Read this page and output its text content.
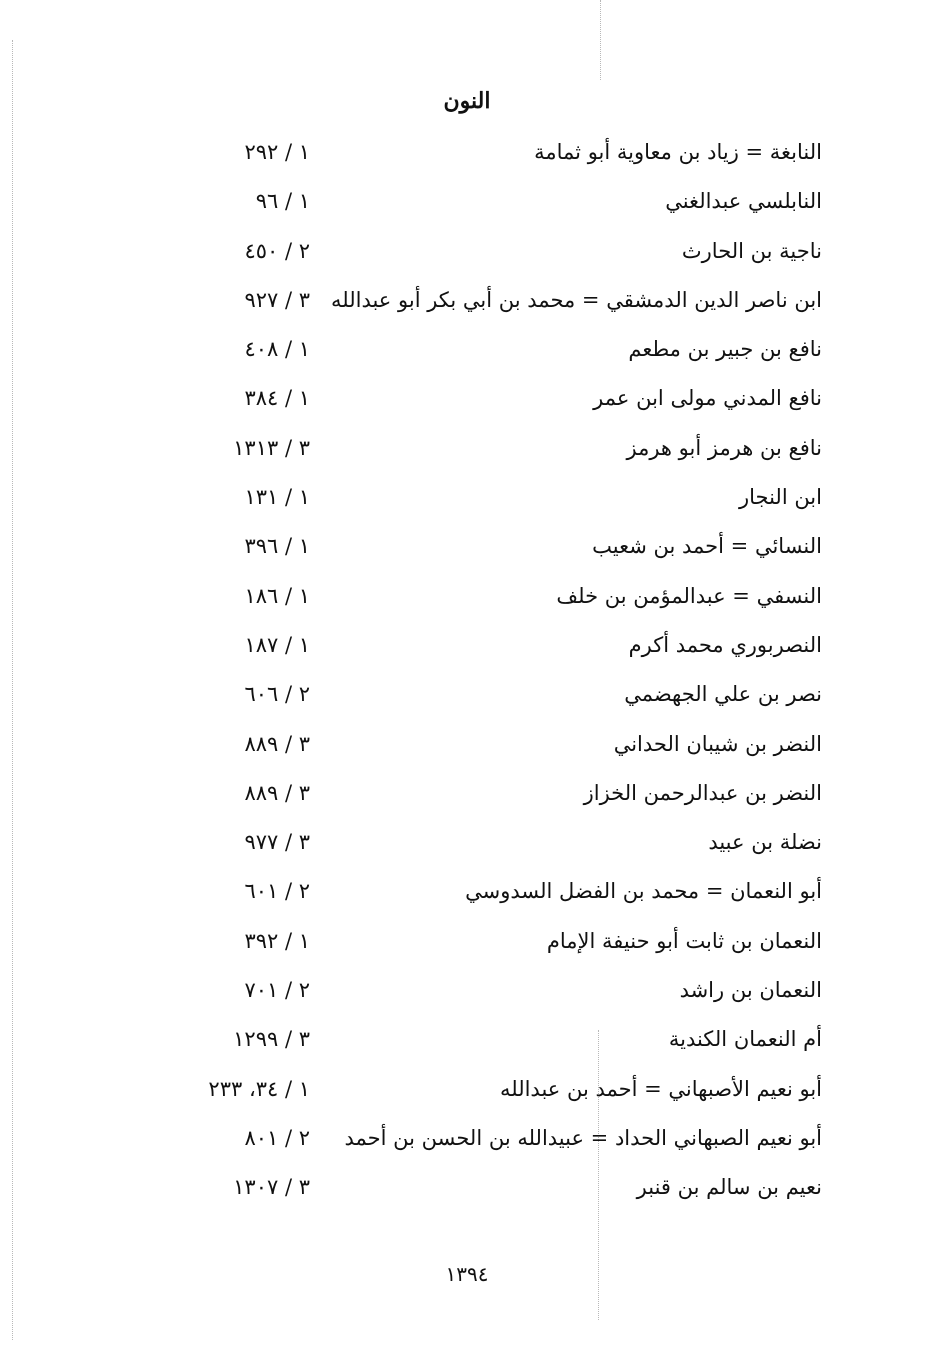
النون
النابغة = زياد بن معاوية أبو ثمامة
١ / ٢٩٢
النابلسي عبدالغني
١ / ٩٦
ناجية بن الحارث
٢ / ٤٥٠
ابن ناصر الدين الدمشقي = محمد بن أبي بكر أبو عبدالله
٣ / ٩٢٧
نافع بن جبير بن مطعم
١ / ٤٠٨
نافع المدني مولى ابن عمر
١ / ٣٨٤
نافع بن هرمز أبو هرمز
٣ / ١٣١٣
ابن النجار
١ / ١٣١
النسائي = أحمد بن شعيب
١ / ٣٩٦
النسفي = عبدالمؤمن بن خلف
١ / ١٨٦
النصربوري محمد أكرم
١ / ١٨٧
نصر بن علي الجهضمي
٢ / ٦٠٦
النضر بن شيبان الحداني
٣ / ٨٨٩
النضر بن عبدالرحمن الخزاز
٣ / ٨٨٩
نضلة بن عبيد
٣ / ٩٧٧
أبو النعمان = محمد بن الفضل السدوسي
٢ / ٦٠١
النعمان بن ثابت أبو حنيفة الإمام
١ / ٣٩٢
النعمان بن راشد
٢ / ٧٠١
أم النعمان الكندية
٣ / ١٢٩٩
أبو نعيم الأصبهاني = أحمد بن عبدالله
١ / ٣٤، ٢٣٣
أبو نعيم الصبهاني الحداد = عبيدالله بن الحسن بن أحمد
٢ / ٨٠١
نعيم بن سالم بن قنبر
٣ / ١٣٠٧
١٣٩٤
